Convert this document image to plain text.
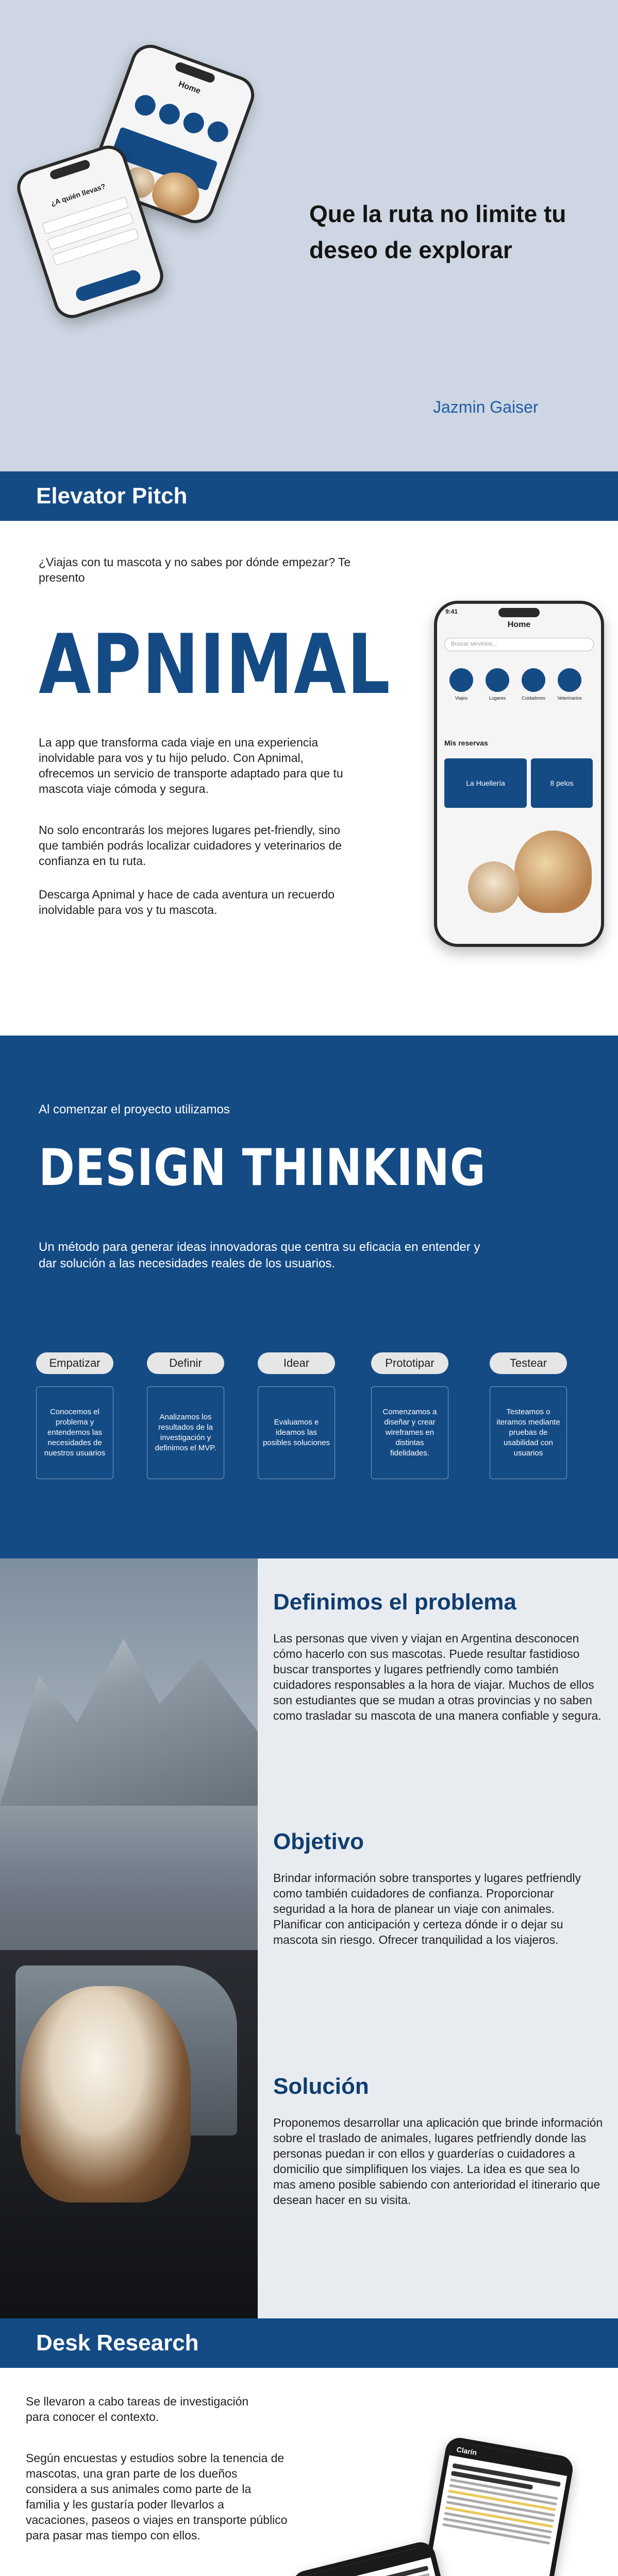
Home
¿A quién llevas?
Que la ruta no limite tu deseo de explorar
Jazmin Gaiser
Elevator Pitch

¿Viajas con tu mascota y no sabes por dónde empezar? Te presento

APNIMAL

La app que transforma cada viaje en una experiencia inolvidable para vos y tu hijo peludo. Con Apnimal, ofrecemos un servicio de transporte adaptado para que tu mascota viaje cómoda y segura.

No solo encontrarás los mejores lugares pet-friendly, sino que también podrás localizar cuidadores y veterinarios de confianza en tu ruta.

Descarga Apnimal y hace de cada aventura un recuerdo inolvidable para vos y tu mascota.

9:41
Home
Buscar servicios...
Viajes	Lugares	Cuidadores	Veterinarios
Mis reservas
La Huellería	8 pelos
Al comenzar el proyecto utilizamos
DESIGN THINKING
Un método para generar ideas innovadoras que centra su eficacia en entender y dar solución a las necesidades reales de los usuarios.
Empatizar
Conocemos el problema y entendemos las necesidades de nuestros usuarios
Definir
Analizamos los resultados de la investigación y definimos el MVP.
Idear
Evaluamos e ideamos las posibles soluciones
Prototipar
Comenzamos a diseñar y crear wireframes en distintas fidelidades.
Testear
Testeamos o iteramos mediante pruebas de usabilidad con usuarios
Definimos el problema

Las personas que viven y viajan en Argentina desconocen cómo hacerlo con sus mascotas. Puede resultar fastidioso buscar transportes y lugares petfriendly como también cuidadores responsables a la hora de viajar. Muchos de ellos son estudiantes que se mudan a otras provincias y no saben como trasladar su mascota de una manera confiable y segura.

Objetivo

Brindar información sobre transportes y lugares petfriendly como también cuidadores de confianza. Proporcionar seguridad a la hora de planear un viaje con animales. Planificar con anticipación y certeza dónde ir o dejar su mascota sin riesgo. Ofrecer tranquilidad a los viajeros.

Solución

Proponemos desarrollar una aplicación que brinde información sobre el traslado de animales, lugares petfriendly donde las personas puedan ir con ellos y guarderías o cuidadores a domicilio que simplifiquen los viajes. La idea es que sea lo mas ameno posible sabiendo con anterioridad el itinerario que desean hacer en su visita.

Desk Research

Se llevaron a cabo tareas de investigación para conocer el contexto.

Según encuestas y estudios sobre la tenencia de mascotas, una gran parte de los dueños considera a sus animales como parte de la familia y les gustaría poder llevarlos a vacaciones, paseos o viajes en transporte público para pasar mas tiempo con ellos.

Clarín
